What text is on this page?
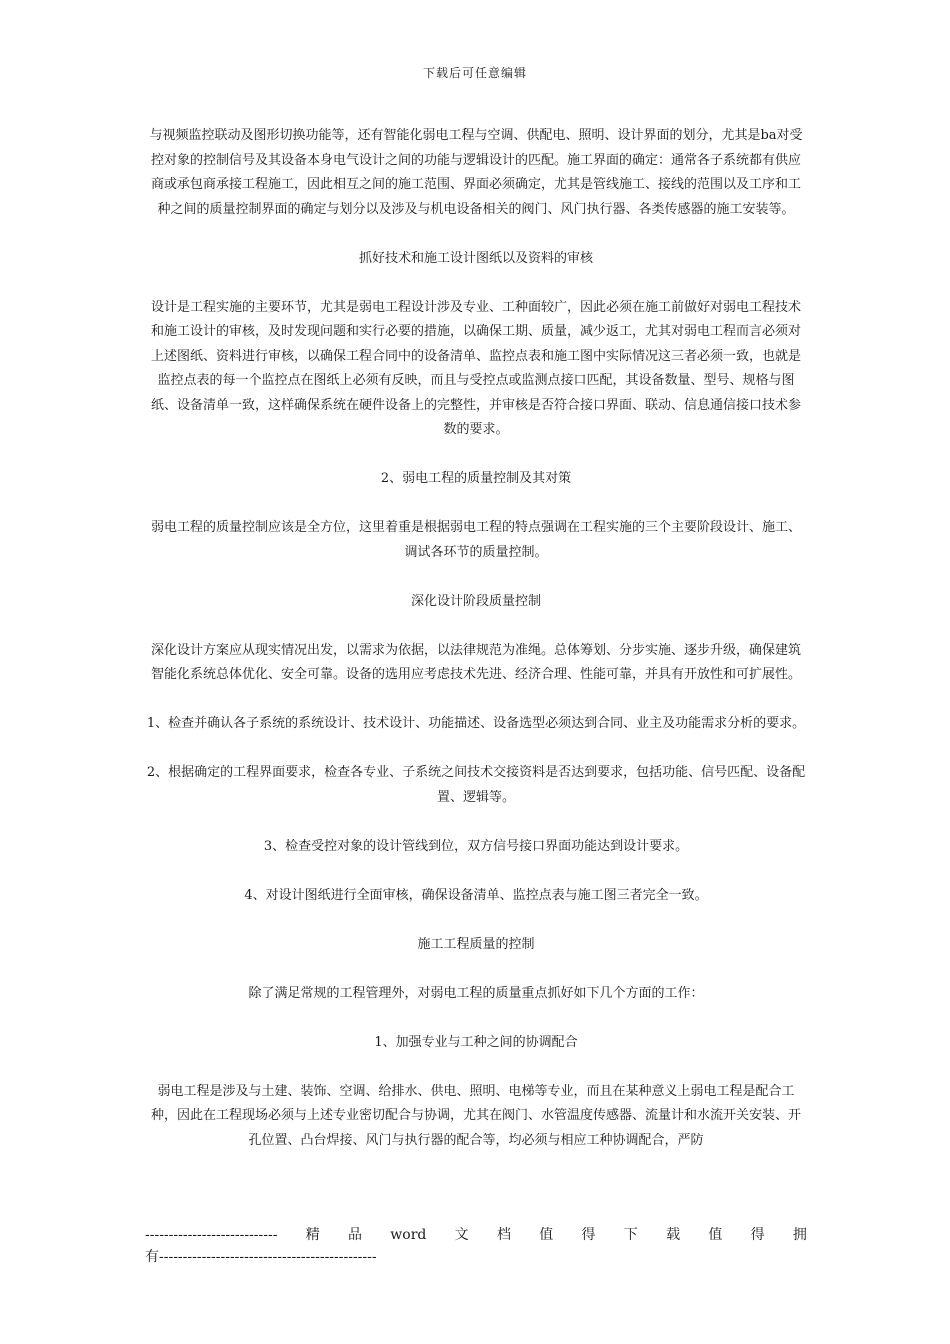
下载后可任意编辑

与视频监控联动及图形切换功能等，还有智能化弱电工程与空调、供配电、照明、设计界面的划分，尤其是ba对受控对象的控制信号及其设备本身电气设计之间的功能与逻辑设计的匹配。施工界面的确定：通常各子系统都有供应商或承包商承接工程施工，因此相互之间的施工范围、界面必须确定，尤其是管线施工、接线的范围以及工序和工种之间的质量控制界面的确定与划分以及涉及与机电设备相关的阀门、风门执行器、各类传感器的施工安装等。

抓好技术和施工设计图纸以及资料的审核

设计是工程实施的主要环节，尤其是弱电工程设计涉及专业、工种面较广，因此必须在施工前做好对弱电工程技术和施工设计的审核，及时发现问题和实行必要的措施，以确保工期、质量，减少返工，尤其对弱电工程而言必须对上述图纸、资料进行审核，以确保工程合同中的设备清单、监控点表和施工图中实际情况这三者必须一致，也就是监控点表的每一个监控点在图纸上必须有反映，而且与受控点或监测点接口匹配，其设备数量、型号、规格与图纸、设备清单一致，这样确保系统在硬件设备上的完整性，并审核是否符合接口界面、联动、信息通信接口技术参数的要求。

2、弱电工程的质量控制及其对策

弱电工程的质量控制应该是全方位，这里着重是根据弱电工程的特点强调在工程实施的三个主要阶段设计、施工、调试各环节的质量控制。

深化设计阶段质量控制

深化设计方案应从现实情况出发，以需求为依据，以法律规范为准绳。总体筹划、分步实施、逐步升级，确保建筑智能化系统总体优化、安全可靠。设备的选用应考虑技术先进、经济合理、性能可靠，并具有开放性和可扩展性。

1、检查并确认各子系统的系统设计、技术设计、功能描述、设备选型必须达到合同、业主及功能需求分析的要求。

2、根据确定的工程界面要求，检查各专业、子系统之间技术交接资料是否达到要求，包括功能、信号匹配、设备配置、逻辑等。

3、检查受控对象的设计管线到位，双方信号接口界面功能达到设计要求。

4、对设计图纸进行全面审核，确保设备清单、监控点表与施工图三者完全一致。

施工工程质量的控制

除了满足常规的工程管理外，对弱电工程的质量重点抓好如下几个方面的工作：

1、加强专业与工种之间的协调配合

弱电工程是涉及与土建、装饰、空调、给排水、供电、照明、电梯等专业，而且在某种意义上弱电工程是配合工种，因此在工程现场必须与上述专业密切配合与协调，尤其在阀门、水管温度传感器、流量计和水流开关安装、开孔位置、凸台焊接、风门与执行器的配合等，均必须与相应工种协调配合，严防

---------------------------- 精 品 word 文 档 值 得 下 载 值 得 拥
有----------------------------------------------
